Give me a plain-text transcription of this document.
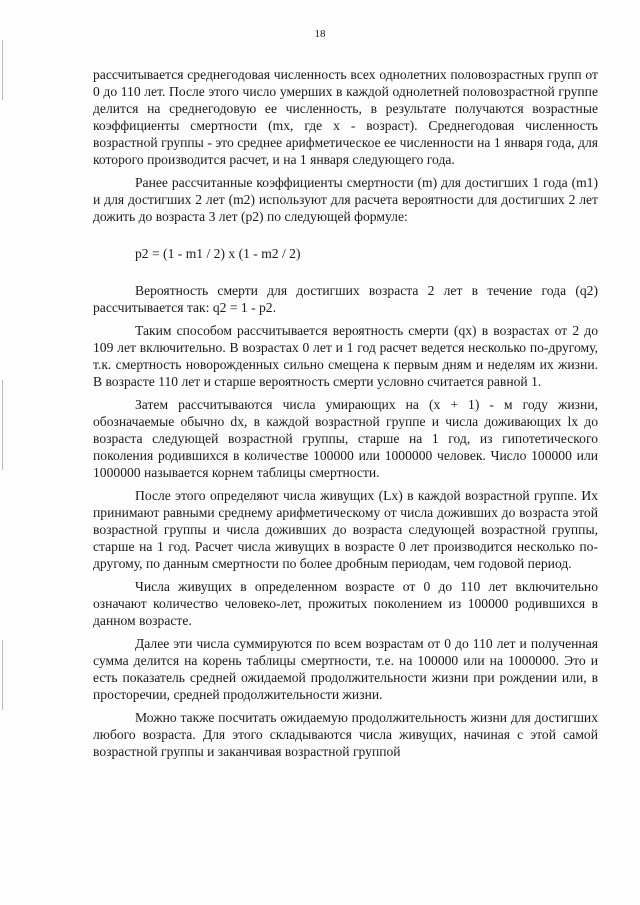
18

рассчитывается среднегодовая численность всех однолетних половозрастных групп от 0 до 110 лет. После этого число умерших в каждой однолетней половозрастной группе делится на среднегодовую ее численность, в результате получаются возрастные коэффициенты смертности (mx, где x - возраст). Среднегодовая численность возрастной группы - это среднее арифметическое ее численности на 1 января года, для которого производится расчет, и на 1 января следующего года.

Ранее рассчитанные коэффициенты смертности (m) для достигших 1 года (m1) и для достигших 2 лет (m2) используют для расчета вероятности для достигших 2 лет дожить до возраста 3 лет (p2) по следующей формуле:

p2 = (1 - m1 / 2) x (1 - m2 / 2)

Вероятность смерти для достигших возраста 2 лет в течение года (q2) рассчитывается так: q2 = 1 - p2.

Таким способом рассчитывается вероятность смерти (qx) в возрастах от 2 до 109 лет включительно. В возрастах 0 лет и 1 год расчет ведется несколько по-другому, т.к. смертность новорожденных сильно смещена к первым дням и неделям их жизни. В возрасте 110 лет и старше вероятность смерти условно считается равной 1.

Затем рассчитываются числа умирающих на (x + 1) - м году жизни, обозначаемые обычно dx, в каждой возрастной группе и числа доживающих lx до возраста следующей возрастной группы, старше на 1 год, из гипотетического поколения родившихся в количестве 100000 или 1000000 человек. Число 100000 или 1000000 называется корнем таблицы смертности.

После этого определяют числа живущих (Lx) в каждой возрастной группе. Их принимают равными среднему арифметическому от числа доживших до возраста этой возрастной группы и числа доживших до возраста следующей возрастной группы, старше на 1 год. Расчет числа живущих в возрасте 0 лет производится несколько по-другому, по данным смертности по более дробным периодам, чем годовой период.

Числа живущих в определенном возрасте от 0 до 110 лет включительно означают количество человеко-лет, прожитых поколением из 100000 родившихся в данном возрасте.

Далее эти числа суммируются по всем возрастам от 0 до 110 лет и полученная сумма делится на корень таблицы смертности, т.е. на 100000 или на 1000000. Это и есть показатель средней ожидаемой продолжительности жизни при рождении или, в просторечии, средней продолжительности жизни.

Можно также посчитать ожидаемую продолжительность жизни для достигших любого возраста. Для этого складываются числа живущих, начиная с этой самой возрастной группы и заканчивая возрастной группой
